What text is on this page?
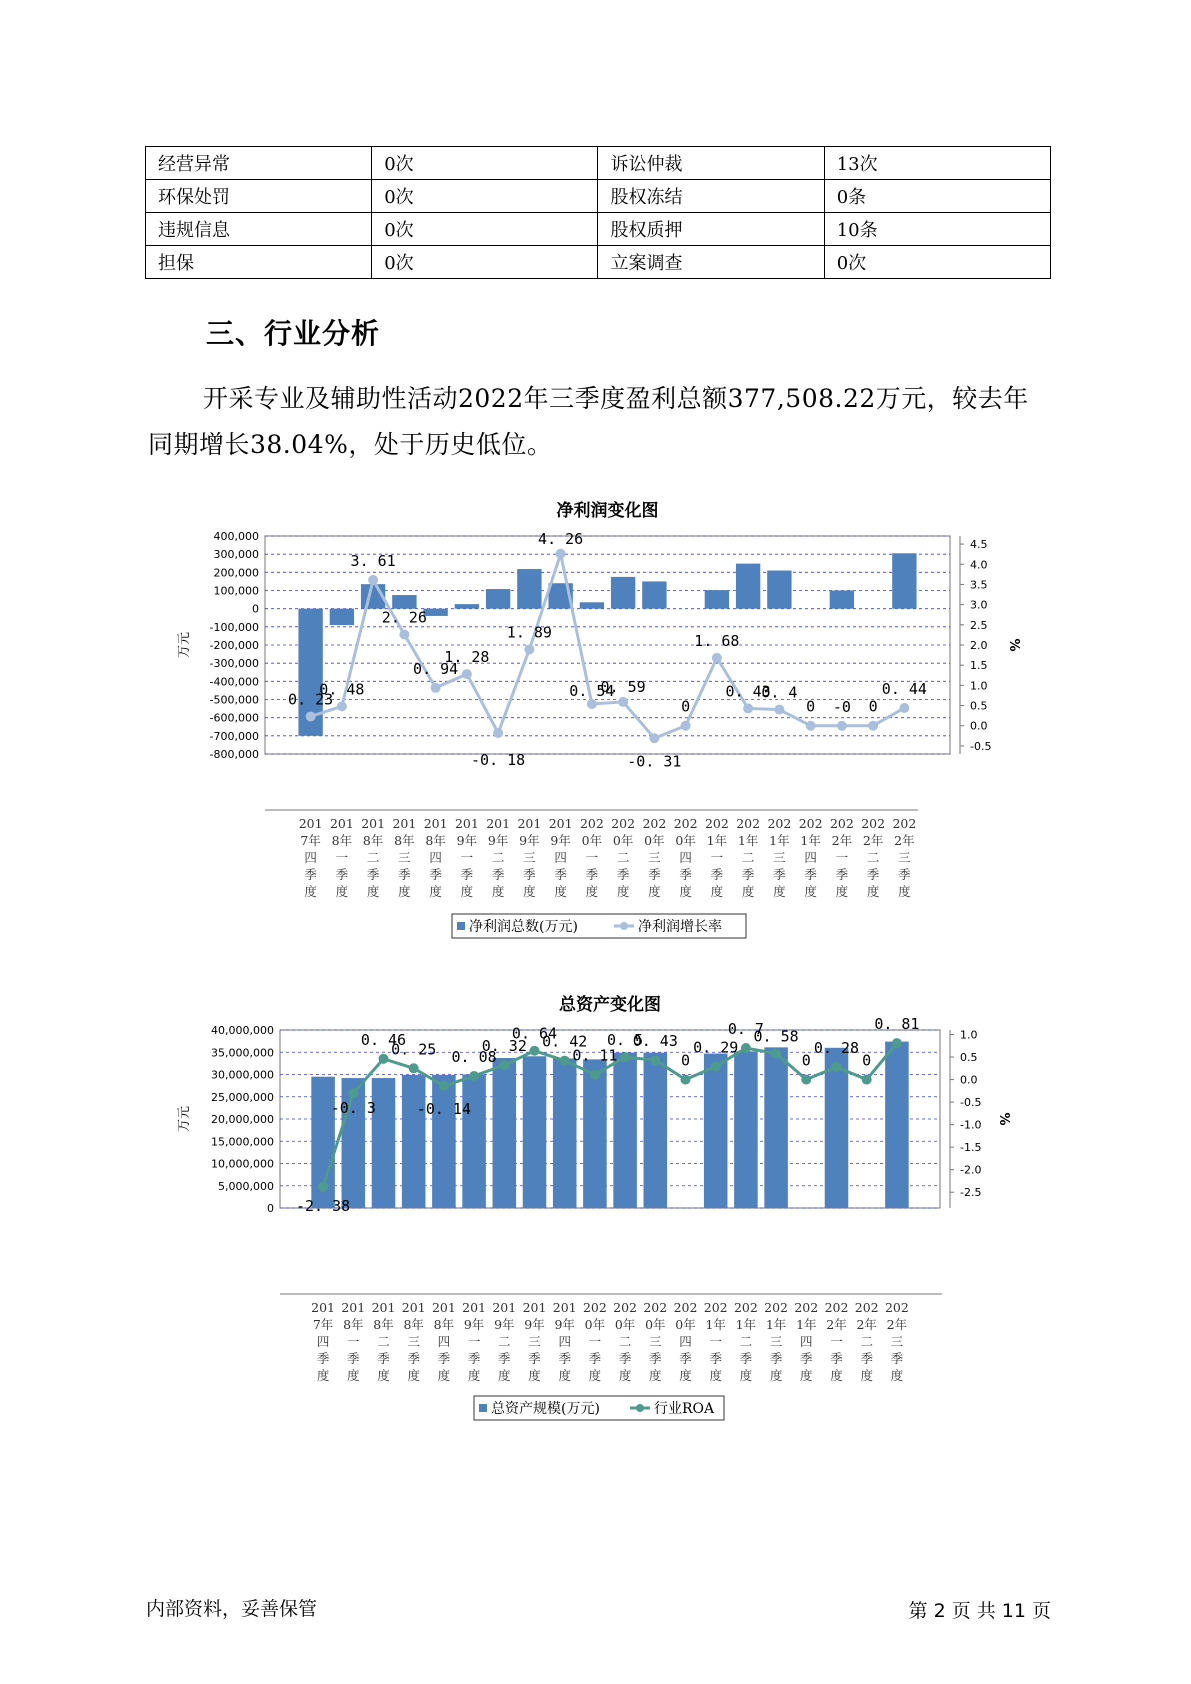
经营异常	0次	诉讼仲裁	13次
环保处罚	0次	股权冻结	0条
违规信息	0次	股权质押	10条
担保	0次	立案调查	0次
三、行业分析
开采专业及辅助性活动2022年三季度盈利总额377,508.22万元，较去年同期增长38.04%，处于历史低位。
净利润变化图
400,000
300,000
200,000
100,000
0
-100,000
-200,000
-300,000
-400,000
-500,000
-600,000
-700,000
-800,000
4.5
4.0
3.5
3.0
2.5
2.0
1.5
1.0
0.5
0.0
-0.5
万元	%
0. 23
0. 48
3. 61
2. 26
0. 94
1. 28
-0. 18
1. 89
4. 26
0. 54
0. 59
-0. 31
0
1. 68
0. 43
0. 4
0 -0 0
0. 44
201
7年
四
季
度
201
8年
一
季
度
201
8年
二
季
度
201
8年
三
季
度
201
8年
四
季
度
201
9年
一
季
度
201
9年
二
季
度
201
9年
三
季
度
201
9年
四
季
度
202
0年
一
季
度
202
0年
二
季
度
202
0年
三
季
度
202
0年
四
季
度
202
1年
一
季
度
202
1年
二
季
度
202
1年
三
季
度
202
1年
四
季
度
202
2年
一
季
度
202
2年
二
季
度
202
2年
三
季
度
净利润总数(万元)	净利润增长率
总资产变化图
40,000,000
35,000,000
30,000,000
25,000,000
20,000,000
15,000,000
10,000,000
5,000,000
0
1.0
0.5
0.0
-0.5
-1.0
-1.5
-2.0
-2.5
万元	%
-2. 38
-0. 3
0. 46
0. 25
-0. 14
0. 08
0. 32
0. 64
0. 42
0. 11
0. 5
0. 43
0
0. 29
0. 7
0. 58
0
0. 28
0
0. 81
201
7年
四
季
度
201
8年
一
季
度
201
8年
二
季
度
201
8年
三
季
度
201
8年
四
季
度
201
9年
一
季
度
201
9年
二
季
度
201
9年
三
季
度
201
9年
四
季
度
202
0年
一
季
度
202
0年
二
季
度
202
0年
三
季
度
202
0年
四
季
度
202
1年
一
季
度
202
1年
二
季
度
202
1年
三
季
度
202
1年
四
季
度
202
2年
一
季
度
202
2年
二
季
度
202
2年
三
季
度
总资产规模(万元)	行业ROA
内部资料，妥善保管	第 2 页 共 11 页
